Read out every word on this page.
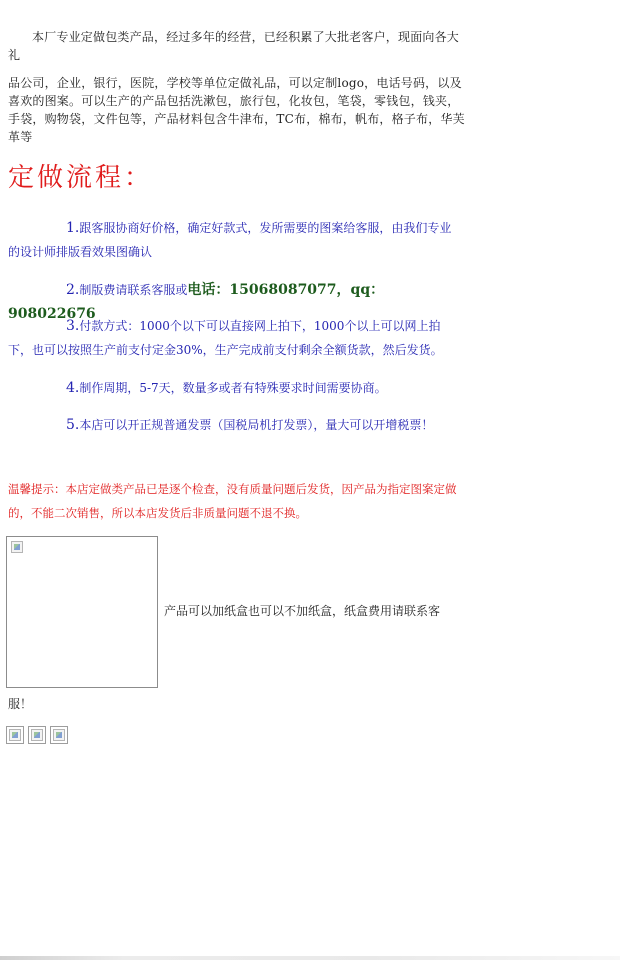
本厂专业定做包类产品，经过多年的经营，已经积累了大批老客户，现面向各大礼
品公司，企业，银行，医院，学校等单位定做礼品，可以定制logo，电话号码，以及喜欢的图案。可以生产的产品包括洗漱包，旅行包，化妆包，笔袋，零钱包，钱夹，手袋，购物袋，文件包等，产品材料包含牛津布，TC布，棉布，帆布，格子布，华芙革等
定做流程：
1.跟客服协商好价格，确定好款式，发所需要的图案给客服，由我们专业的设计师排版看效果图确认
2.制版费请联系客服或电话：15068087077，qq：908022676
3.付款方式：1000个以下可以直接网上拍下，1000个以上可以网上拍下，也可以按照生产前支付定金30%，生产完成前支付剩余全额货款，然后发货。
4.制作周期，5-7天，数量多或者有特殊要求时间需要协商。
5.本店可以开正规普通发票（国税局机打发票），量大可以开增税票！
温馨提示：本店定做类产品已是逐个检查，没有质量问题后发货，因产品为指定图案定做的，不能二次销售，所以本店发货后非质量问题不退不换。
产品可以加纸盒也可以不加纸盒，纸盒费用请联系客
服！
